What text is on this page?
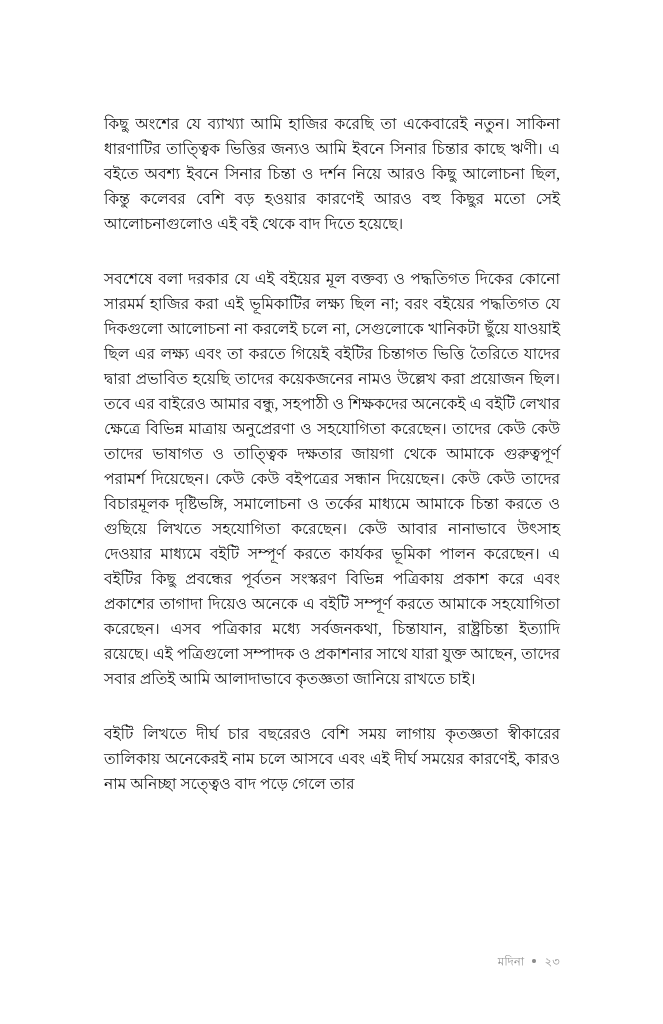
কিছু অংশের যে ব্যাখ্যা আমি হাজির করেছি তা একেবারেই নতুন। সাকিনা ধারণাটির তাত্ত্বিক ভিত্তির জন্যও আমি ইবনে সিনার চিন্তার কাছে ঋণী। এ বইতে অবশ্য ইবনে সিনার চিন্তা ও দর্শন নিয়ে আরও কিছু আলোচনা ছিল, কিন্তু কলেবর বেশি বড় হওয়ার কারণেই আরও বহু কিছুর মতো সেই আলোচনাগুলোও এই বই থেকে বাদ দিতে হয়েছে।

সবশেষে বলা দরকার যে এই বইয়ের মূল বক্তব্য ও পদ্ধতিগত দিকের কোনো সারমর্ম হাজির করা এই ভূমিকাটির লক্ষ্য ছিল না; বরং বইয়ের পদ্ধতিগত যে দিকগুলো আলোচনা না করলেই চলে না, সেগুলোকে খানিকটা ছুঁয়ে যাওয়াই ছিল এর লক্ষ্য এবং তা করতে গিয়েই বইটির চিন্তাগত ভিত্তি তৈরিতে যাদের দ্বারা প্রভাবিত হয়েছি তাদের কয়েকজনের নামও উল্লেখ করা প্রয়োজন ছিল। তবে এর বাইরেও আমার বন্ধু, সহপাঠী ও শিক্ষকদের অনেকেই এ বইটি লেখার ক্ষেত্রে বিভিন্ন মাত্রায় অনুপ্রেরণা ও সহযোগিতা করেছেন। তাদের কেউ কেউ তাদের ভাষাগত ও তাত্ত্বিক দক্ষতার জায়গা থেকে আমাকে গুরুত্বপূর্ণ পরামর্শ দিয়েছেন। কেউ কেউ বইপত্রের সন্ধান দিয়েছেন। কেউ কেউ তাদের বিচারমূলক দৃষ্টিভঙ্গি, সমালোচনা ও তর্কের মাধ্যমে আমাকে চিন্তা করতে ও গুছিয়ে লিখতে সহযোগিতা করেছেন। কেউ আবার নানাভাবে উৎসাহ দেওয়ার মাধ্যমে বইটি সম্পূর্ণ করতে কার্যকর ভূমিকা পালন করেছেন। এ বইটির কিছু প্রবন্ধের পূর্বতন সংস্করণ বিভিন্ন পত্রিকায় প্রকাশ করে এবং প্রকাশের তাগাদা দিয়েও অনেকে এ বইটি সম্পূর্ণ করতে আমাকে সহযোগিতা করেছেন। এসব পত্রিকার মধ্যে সর্বজনকথা, চিন্তাযান, রাষ্ট্রচিন্তা ইত্যাদি রয়েছে। এই পত্রিগুলো সম্পাদক ও প্রকাশনার সাথে যারা যুক্ত আছেন, তাদের সবার প্রতিই আমি আলাদাভাবে কৃতজ্ঞতা জানিয়ে রাখতে চাই।

বইটি লিখতে দীর্ঘ চার বছরেরও বেশি সময় লাগায় কৃতজ্ঞতা স্বীকারের তালিকায় অনেকেরই নাম চলে আসবে এবং এই দীর্ঘ সময়ের কারণেই, কারও নাম অনিচ্ছা সত্ত্বেও বাদ পড়ে গেলে তার

মদিনা ২৩
